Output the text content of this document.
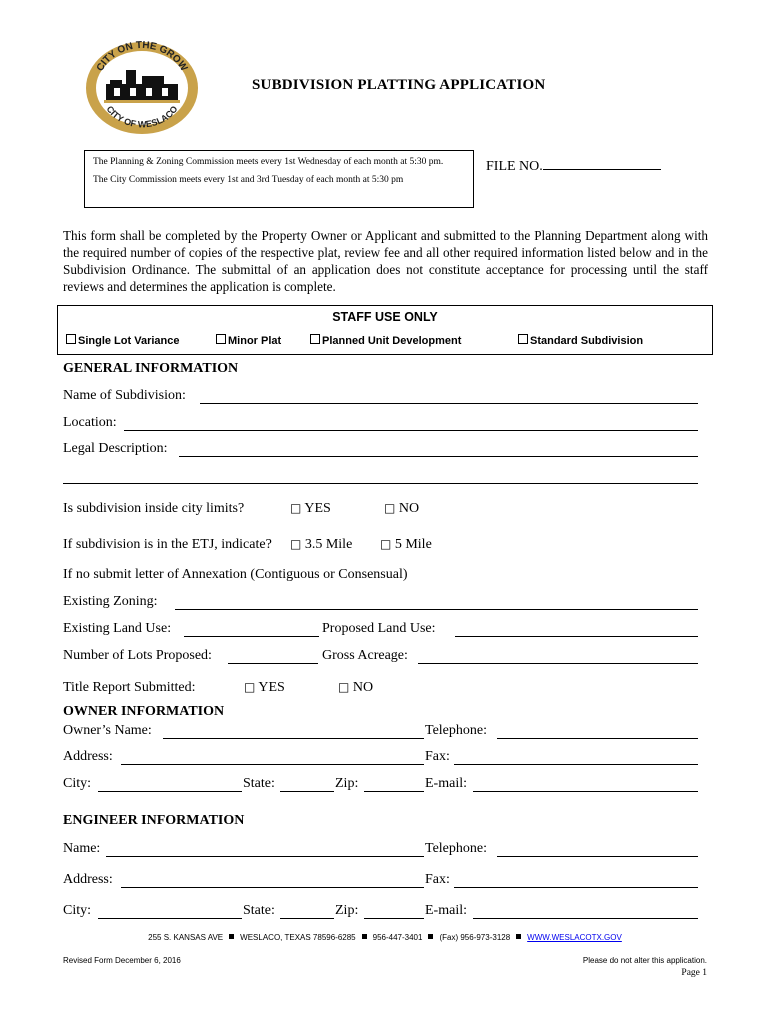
CITY ON THE GROW
CITY OF WESLACO
SUBDIVISION PLATTING APPLICATION

The Planning & Zoning Commission meets every 1st Wednesday of each month at 5:30 pm.

The City Commission meets every 1st and 3rd Tuesday of each month at 5:30 pm

FILE NO.
This form shall be completed by the Property Owner or Applicant and submitted to the Planning Department along with the required number of copies of the respective plat, review fee and all other required information listed below and in the Subdivision Ordinance. The submittal of an application does not constitute acceptance for processing until the staff reviews and determines the application is complete.
STAFF USE ONLY
Single Lot Variance	Minor Plat	Planned Unit Development	Standard Subdivision
GENERAL INFORMATION
Name of Subdivision:
Location:
Legal Description:
Is subdivision inside city limits?	□ YES	□ NO
If subdivision is in the ETJ, indicate? □ 3.5 Mile □ 5 Mile
If no submit letter of Annexation (Contiguous or Consensual)
Existing Zoning:
Existing Land Use:	Proposed Land Use:
Number of Lots Proposed:	Gross Acreage:
Title Report Submitted:	□ YES	□ NO
OWNER INFORMATION
Owner’s Name:	Telephone:
Address:	Fax:
City:	State:	Zip:	E-mail:
ENGINEER INFORMATION
Name:	Telephone:
Address:	Fax:
City:	State:	Zip:	E-mail:
255 S. KANSAS AVE WESLACO, TEXAS 78596-6285 956-447-3401 (Fax) 956-973-3128 WWW.WESLACOTX.GOV
Revised Form December 6, 2016	Please do not alter this application.
Page 1
